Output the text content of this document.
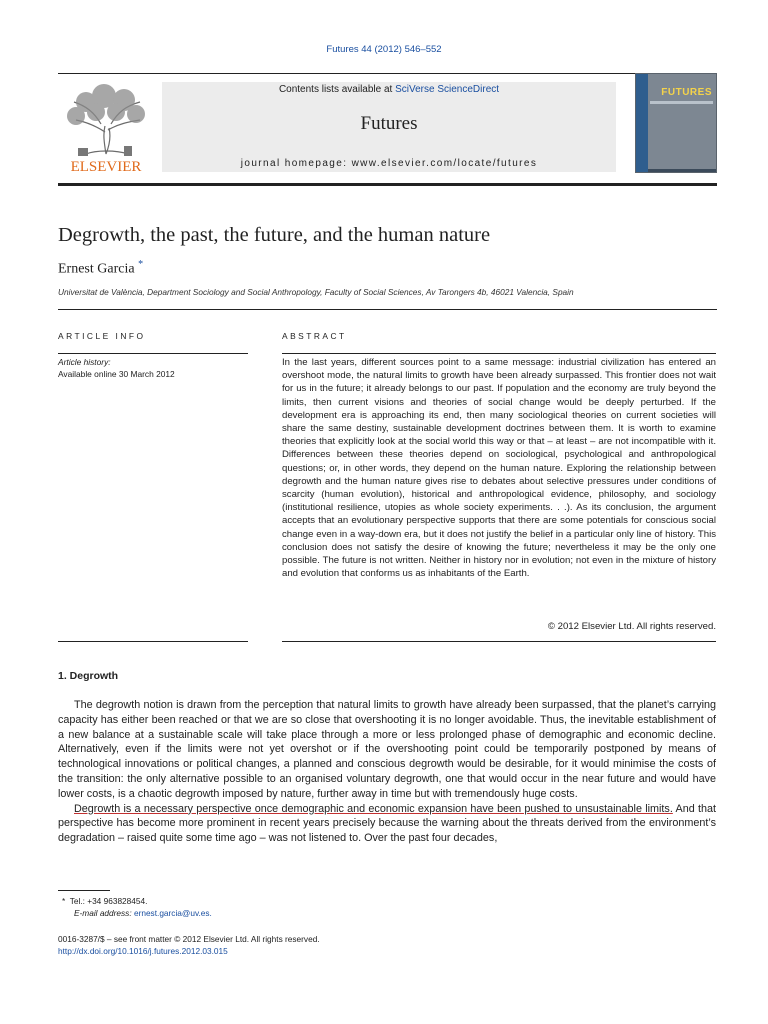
Futures 44 (2012) 546–552
ELSEVIER
Contents lists available at SciVerse ScienceDirect
Futures
journal homepage: www.elsevier.com/locate/futures
FUTURES
Degrowth, the past, the future, and the human nature
Ernest Garcia *
Universitat de València, Department Sociology and Social Anthropology, Faculty of Social Sciences, Av Tarongers 4b, 46021 Valencia, Spain
ARTICLE INFO
Article history:
Available online 30 March 2012
ABSTRACT
In the last years, different sources point to a same message: industrial civilization has entered an overshoot mode, the natural limits to growth have been already surpassed. This frontier does not wait for us in the future; it already belongs to our past. If population and the economy are truly beyond the limits, then current visions and theories of social change would be deeply perturbed. If the development era is approaching its end, then many sociological theories on current societies will share the same destiny, sustainable development doctrines between them. It is worth to examine theories that explicitly look at the social world this way or that – at least – are not incompatible with it. Differences between these theories depend on sociological, psychological and anthropological questions; or, in other words, they depend on the human nature. Exploring the relationship between degrowth and the human nature gives rise to debates about selective pressures under conditions of scarcity (human evolution), historical and anthropological evidence, philosophy, and sociology (institutional resilience, utopies as whole society experiments. . .). As its conclusion, the argument accepts that an evolutionary perspective supports that there are some potentials for conscious social change even in a way-down era, but it does not justify the belief in a particular only line of history. This conclusion does not satisfy the desire of knowing the future; nevertheless it may be the only one possible. The future is not written. Neither in history nor in evolution; not even in the mixture of history and evolution that conforms us as inhabitants of the Earth.
© 2012 Elsevier Ltd. All rights reserved.
1. Degrowth

The degrowth notion is drawn from the perception that natural limits to growth have already been surpassed, that the planet’s carrying capacity has either been reached or that we are so close that overshooting it is no longer avoidable. Thus, the inevitable establishment of a new balance at a sustainable scale will take place through a more or less prolonged phase of demographic and economic decline. Alternatively, even if the limits were not yet overshot or if the overshooting point could be temporarily postponed by means of technological innovations or political changes, a planned and conscious degrowth would be desirable, for it would minimise the costs of the transition: the only alternative possible to an organised voluntary degrowth, one that would occur in the near future and would have lower costs, is a chaotic degrowth imposed by nature, further away in time but with tremendously huge costs.

Degrowth is a necessary perspective once demographic and economic expansion have been pushed to unsustainable limits. And that perspective has become more prominent in recent years precisely because the warning about the threats derived from the environment’s degradation – raised quite some time ago – was not listened to. Over the past four decades,

* Tel.: +34 963828454.
E-mail address: ernest.garcia@uv.es.
0016-3287/$ – see front matter © 2012 Elsevier Ltd. All rights reserved.
http://dx.doi.org/10.1016/j.futures.2012.03.015
